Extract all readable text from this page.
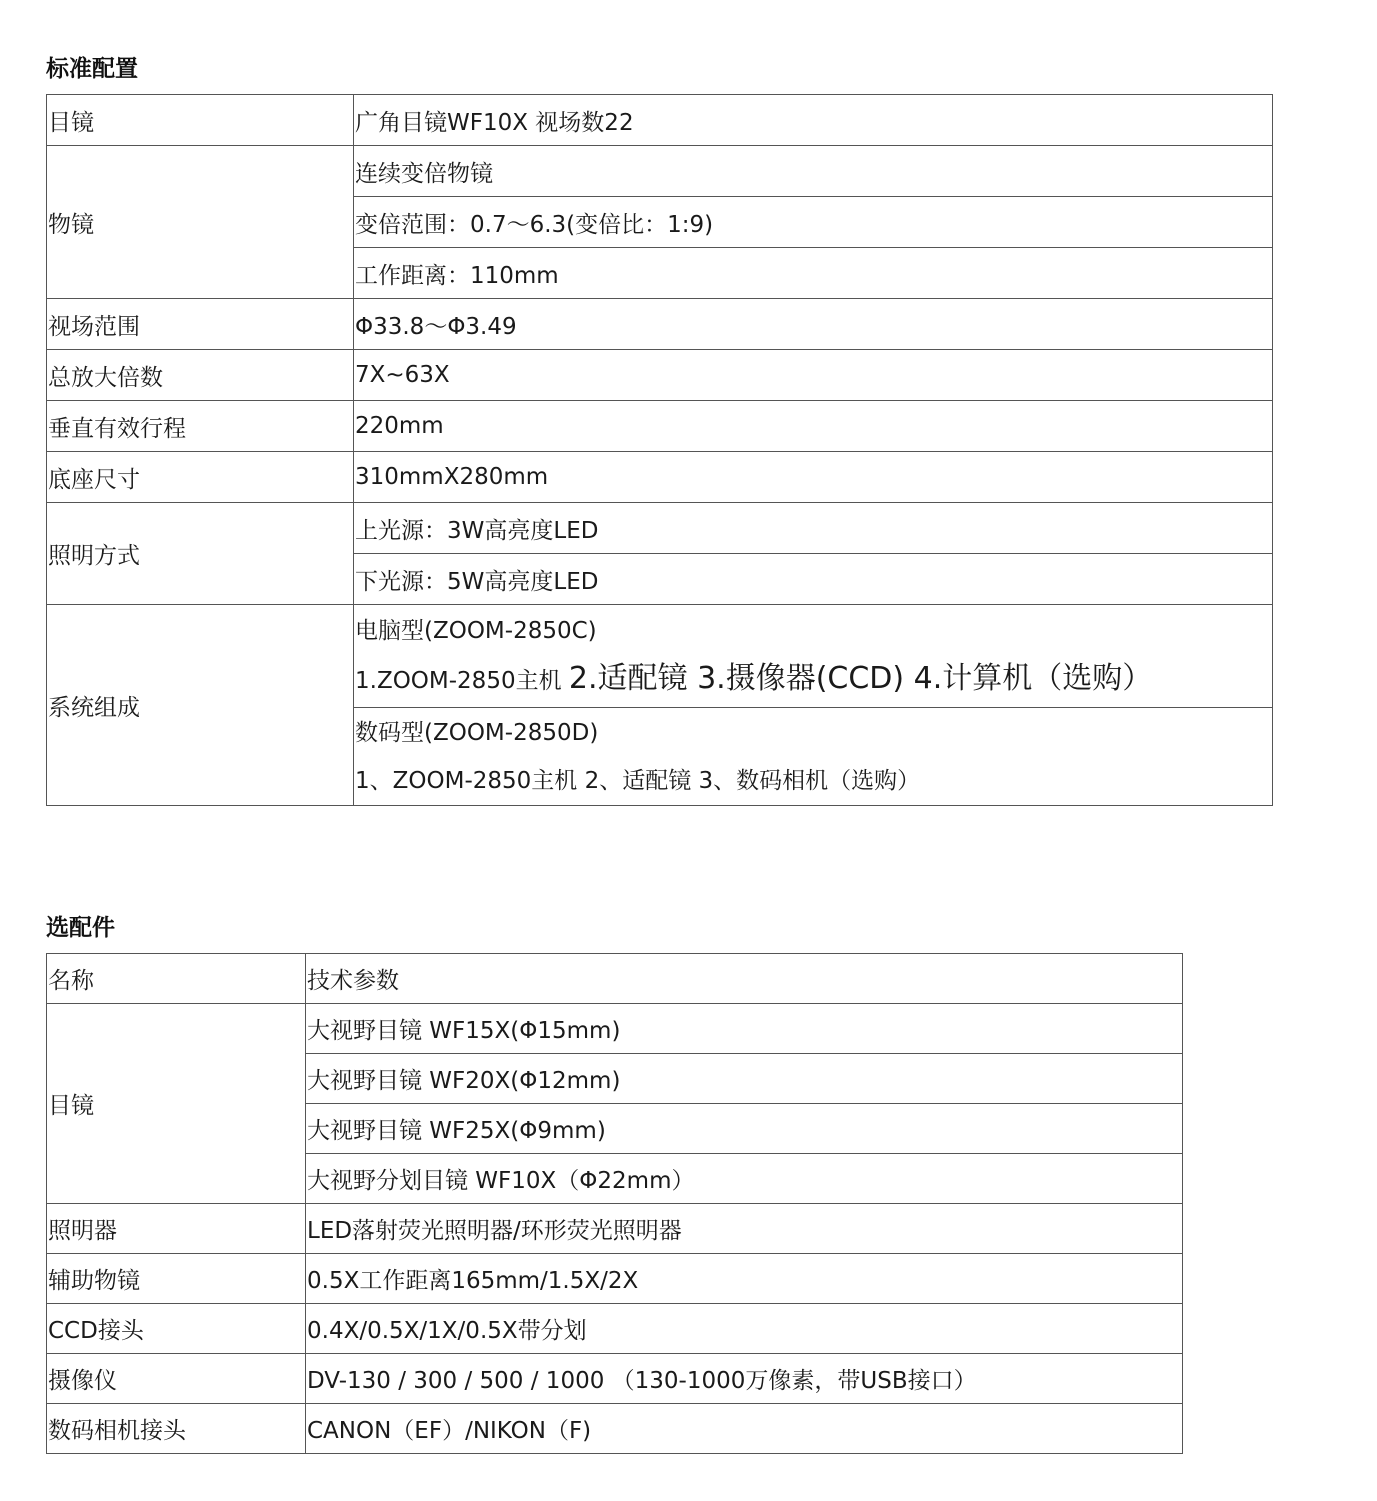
标准配置
目镜	广角目镜WF10X 视场数22
物镜	连续变倍物镜
	变倍范围：0.7～6.3(变倍比：1:9)
	工作距离：110mm
视场范围	Φ33.8～Φ3.49
总放大倍数	7X~63X
垂直有效行程	220mm
底座尺寸	310mmX280mm
照明方式	上光源：3W高亮度LED
	下光源：5W高亮度LED
系统组成	电脑型(ZOOM-2850C)
1.ZOOM-2850主机 2.适配镜 3.摄像器(CCD) 4.计算机（选购）

	数码型(ZOOM-2850D)
1、ZOOM-2850主机 2、适配镜 3、数码相机（选购）
选配件
名称	技术参数
目镜	大视野目镜 WF15X(Φ15mm)
	大视野目镜 WF20X(Φ12mm)
	大视野目镜 WF25X(Φ9mm)
	大视野分划目镜 WF10X（Φ22mm）
照明器	LED落射荧光照明器/环形荧光照明器
辅助物镜	0.5X工作距离165mm/1.5X/2X
CCD接头	0.4X/0.5X/1X/0.5X带分划
摄像仪	DV-130 / 300 / 500 / 1000 （130-1000万像素，带USB接口）
数码相机接头	CANON（EF）/NIKON（F)
